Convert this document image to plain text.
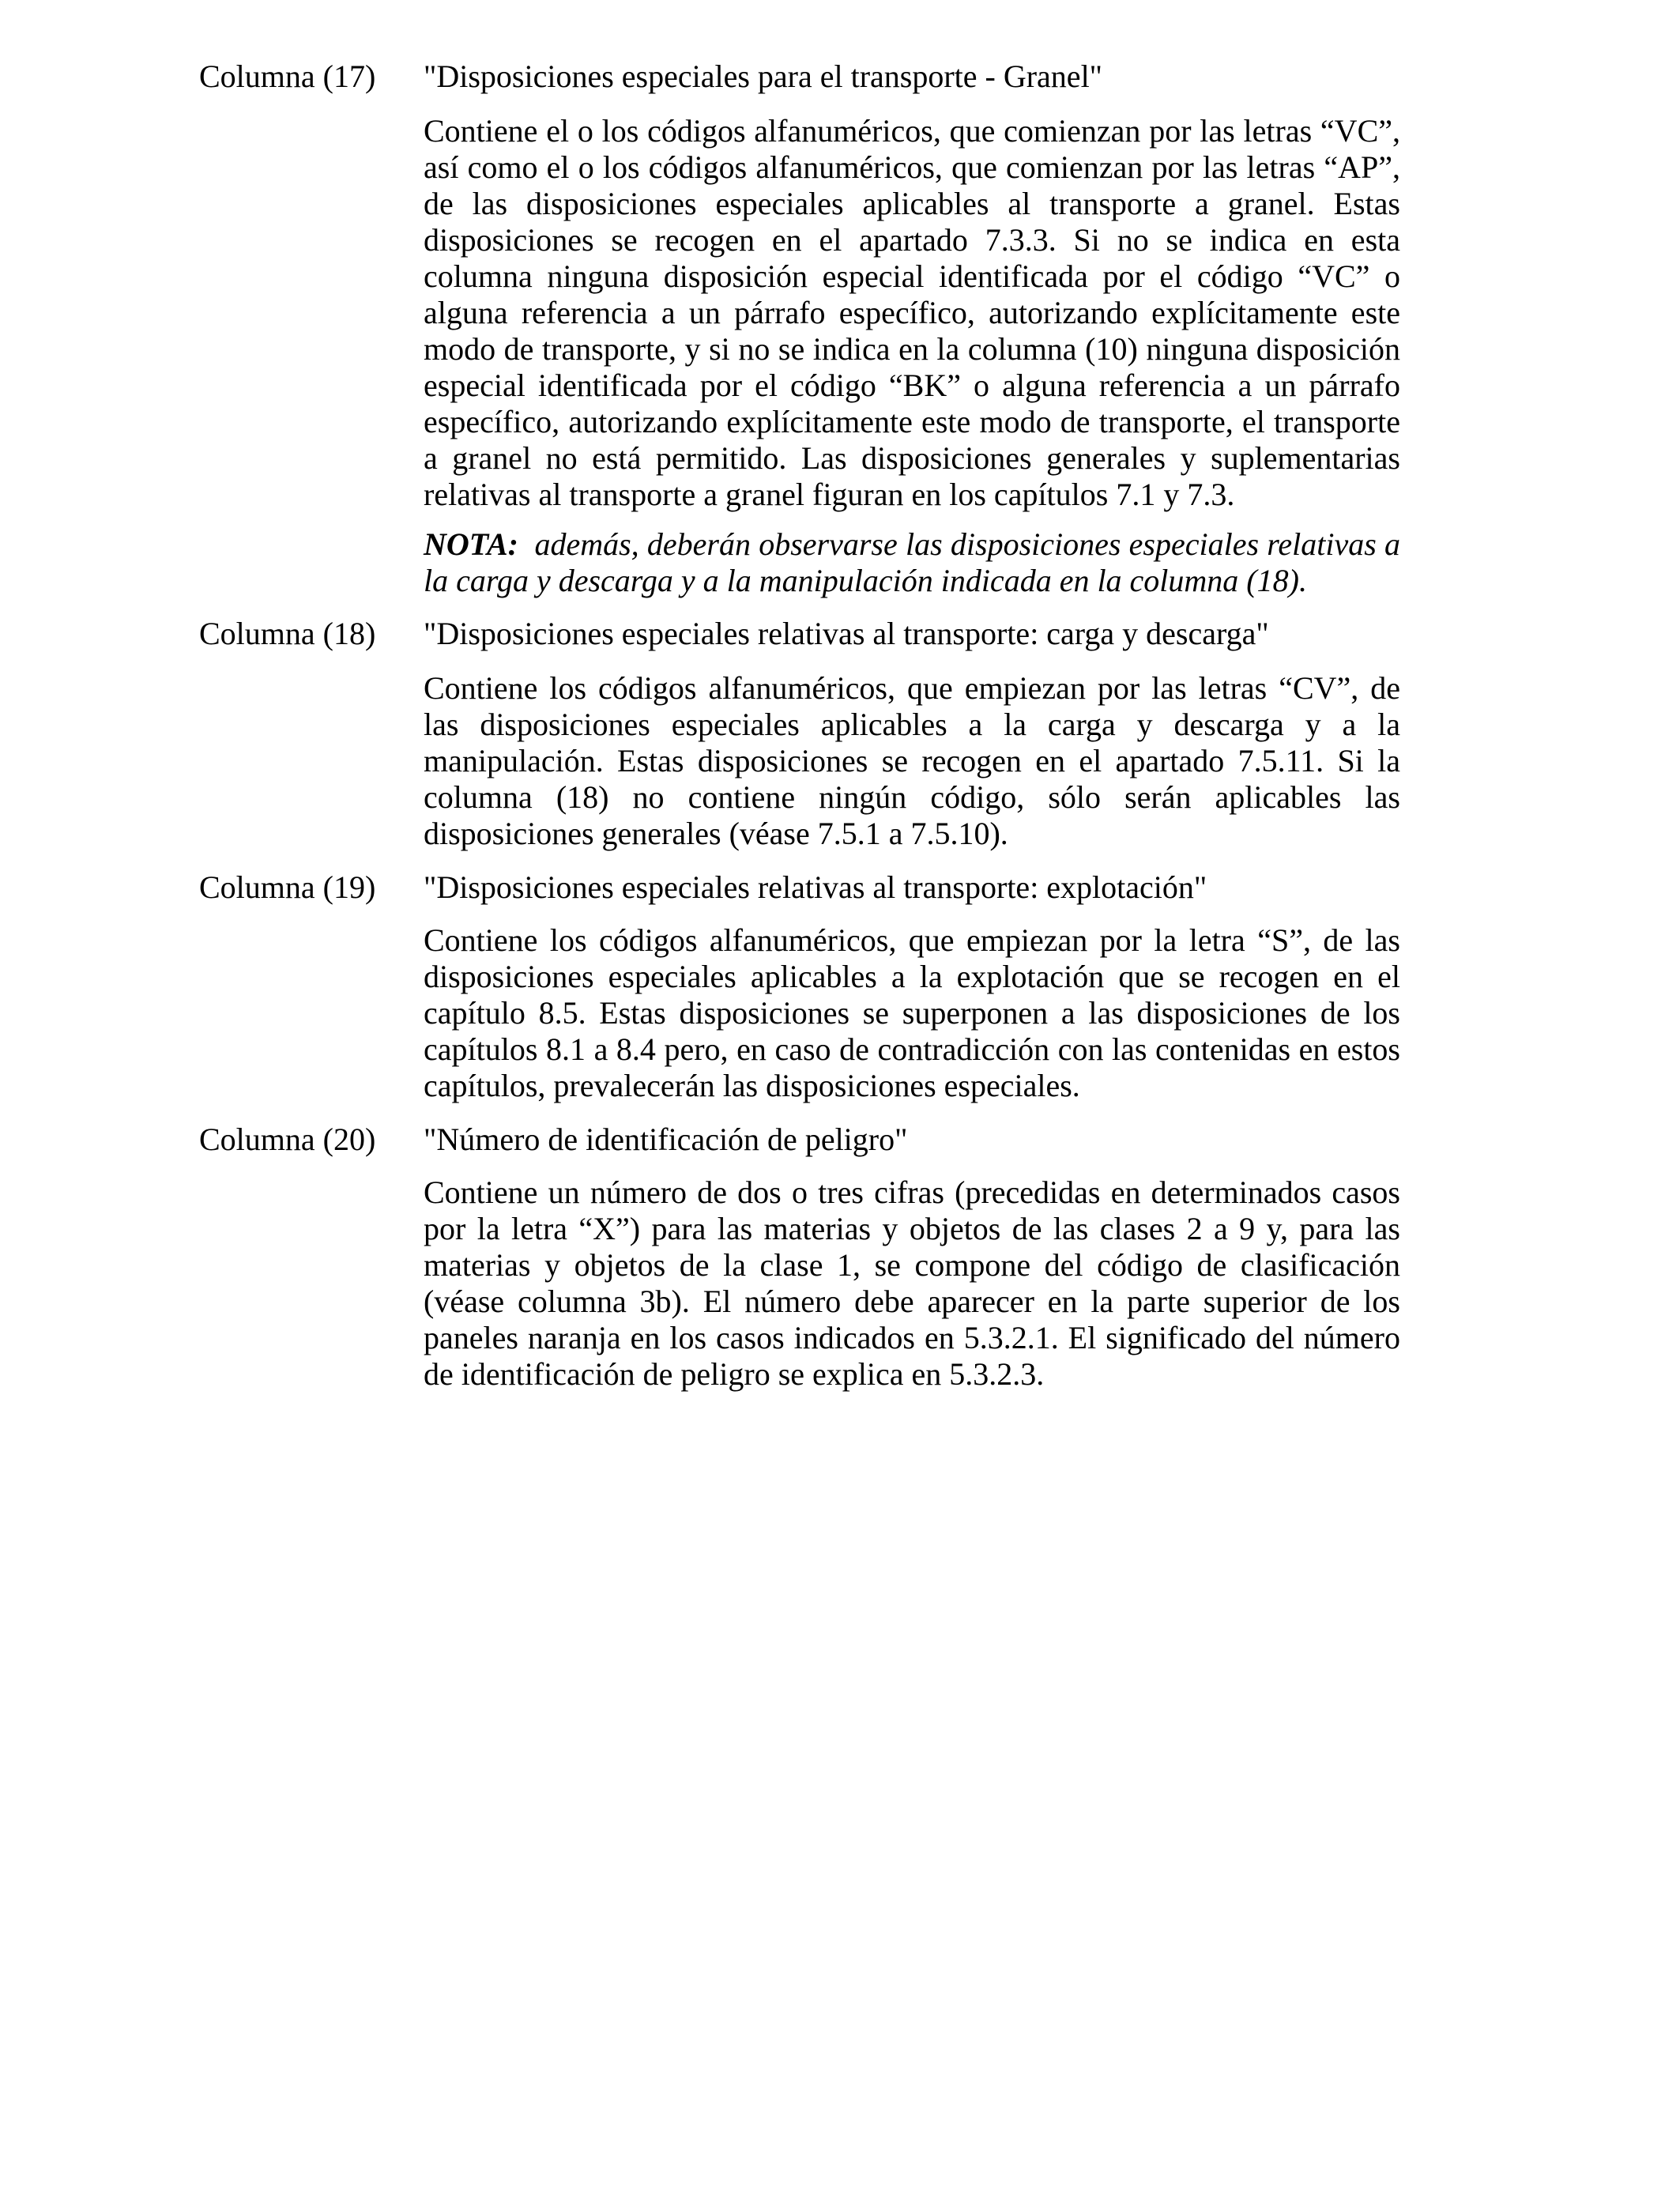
Columna (17) "Disposiciones especiales para el transporte - Granel"
Contiene el o los códigos alfanuméricos, que comienzan por las letras “VC”, así como el o los códigos alfanuméricos, que comienzan por las letras “AP”, de las disposiciones especiales aplicables al transporte a granel. Estas disposiciones se recogen en el apartado 7.3.3. Si no se indica en esta columna ninguna disposición especial identificada por el código “VC” o alguna referencia a un párrafo específico, autorizando explícitamente este modo de transporte, y si no se indica en la columna (10) ninguna disposición especial identificada por el código “BK” o alguna referencia a un párrafo específico, autorizando explícitamente este modo de transporte, el transporte a granel no está permitido. Las disposiciones generales y suplementarias relativas al transporte a granel figuran en los capítulos 7.1 y 7.3.
NOTA: además, deberán observarse las disposiciones especiales relativas a la carga y descarga y a la manipulación indicada en la columna (18).
Columna (18) "Disposiciones especiales relativas al transporte: carga y descarga"
Contiene los códigos alfanuméricos, que empiezan por las letras “CV”, de las disposiciones especiales aplicables a la carga y descarga y a la manipulación. Estas disposiciones se recogen en el apartado 7.5.11. Si la columna (18) no contiene ningún código, sólo serán aplicables las disposiciones generales (véase 7.5.1 a 7.5.10).
Columna (19) "Disposiciones especiales relativas al transporte: explotación"
Contiene los códigos alfanuméricos, que empiezan por la letra “S”, de las disposiciones especiales aplicables a la explotación que se recogen en el capítulo 8.5. Estas disposiciones se superponen a las disposiciones de los capítulos 8.1 a 8.4 pero, en caso de contradicción con las contenidas en estos capítulos, prevalecerán las disposiciones especiales.
Columna (20) "Número de identificación de peligro"
Contiene un número de dos o tres cifras (precedidas en determinados casos por la letra “X”) para las materias y objetos de las clases 2 a 9 y, para las materias y objetos de la clase 1, se compone del código de clasificación (véase columna 3b). El número debe aparecer en la parte superior de los paneles naranja en los casos indicados en 5.3.2.1. El significado del número de identificación de peligro se explica en 5.3.2.3.
